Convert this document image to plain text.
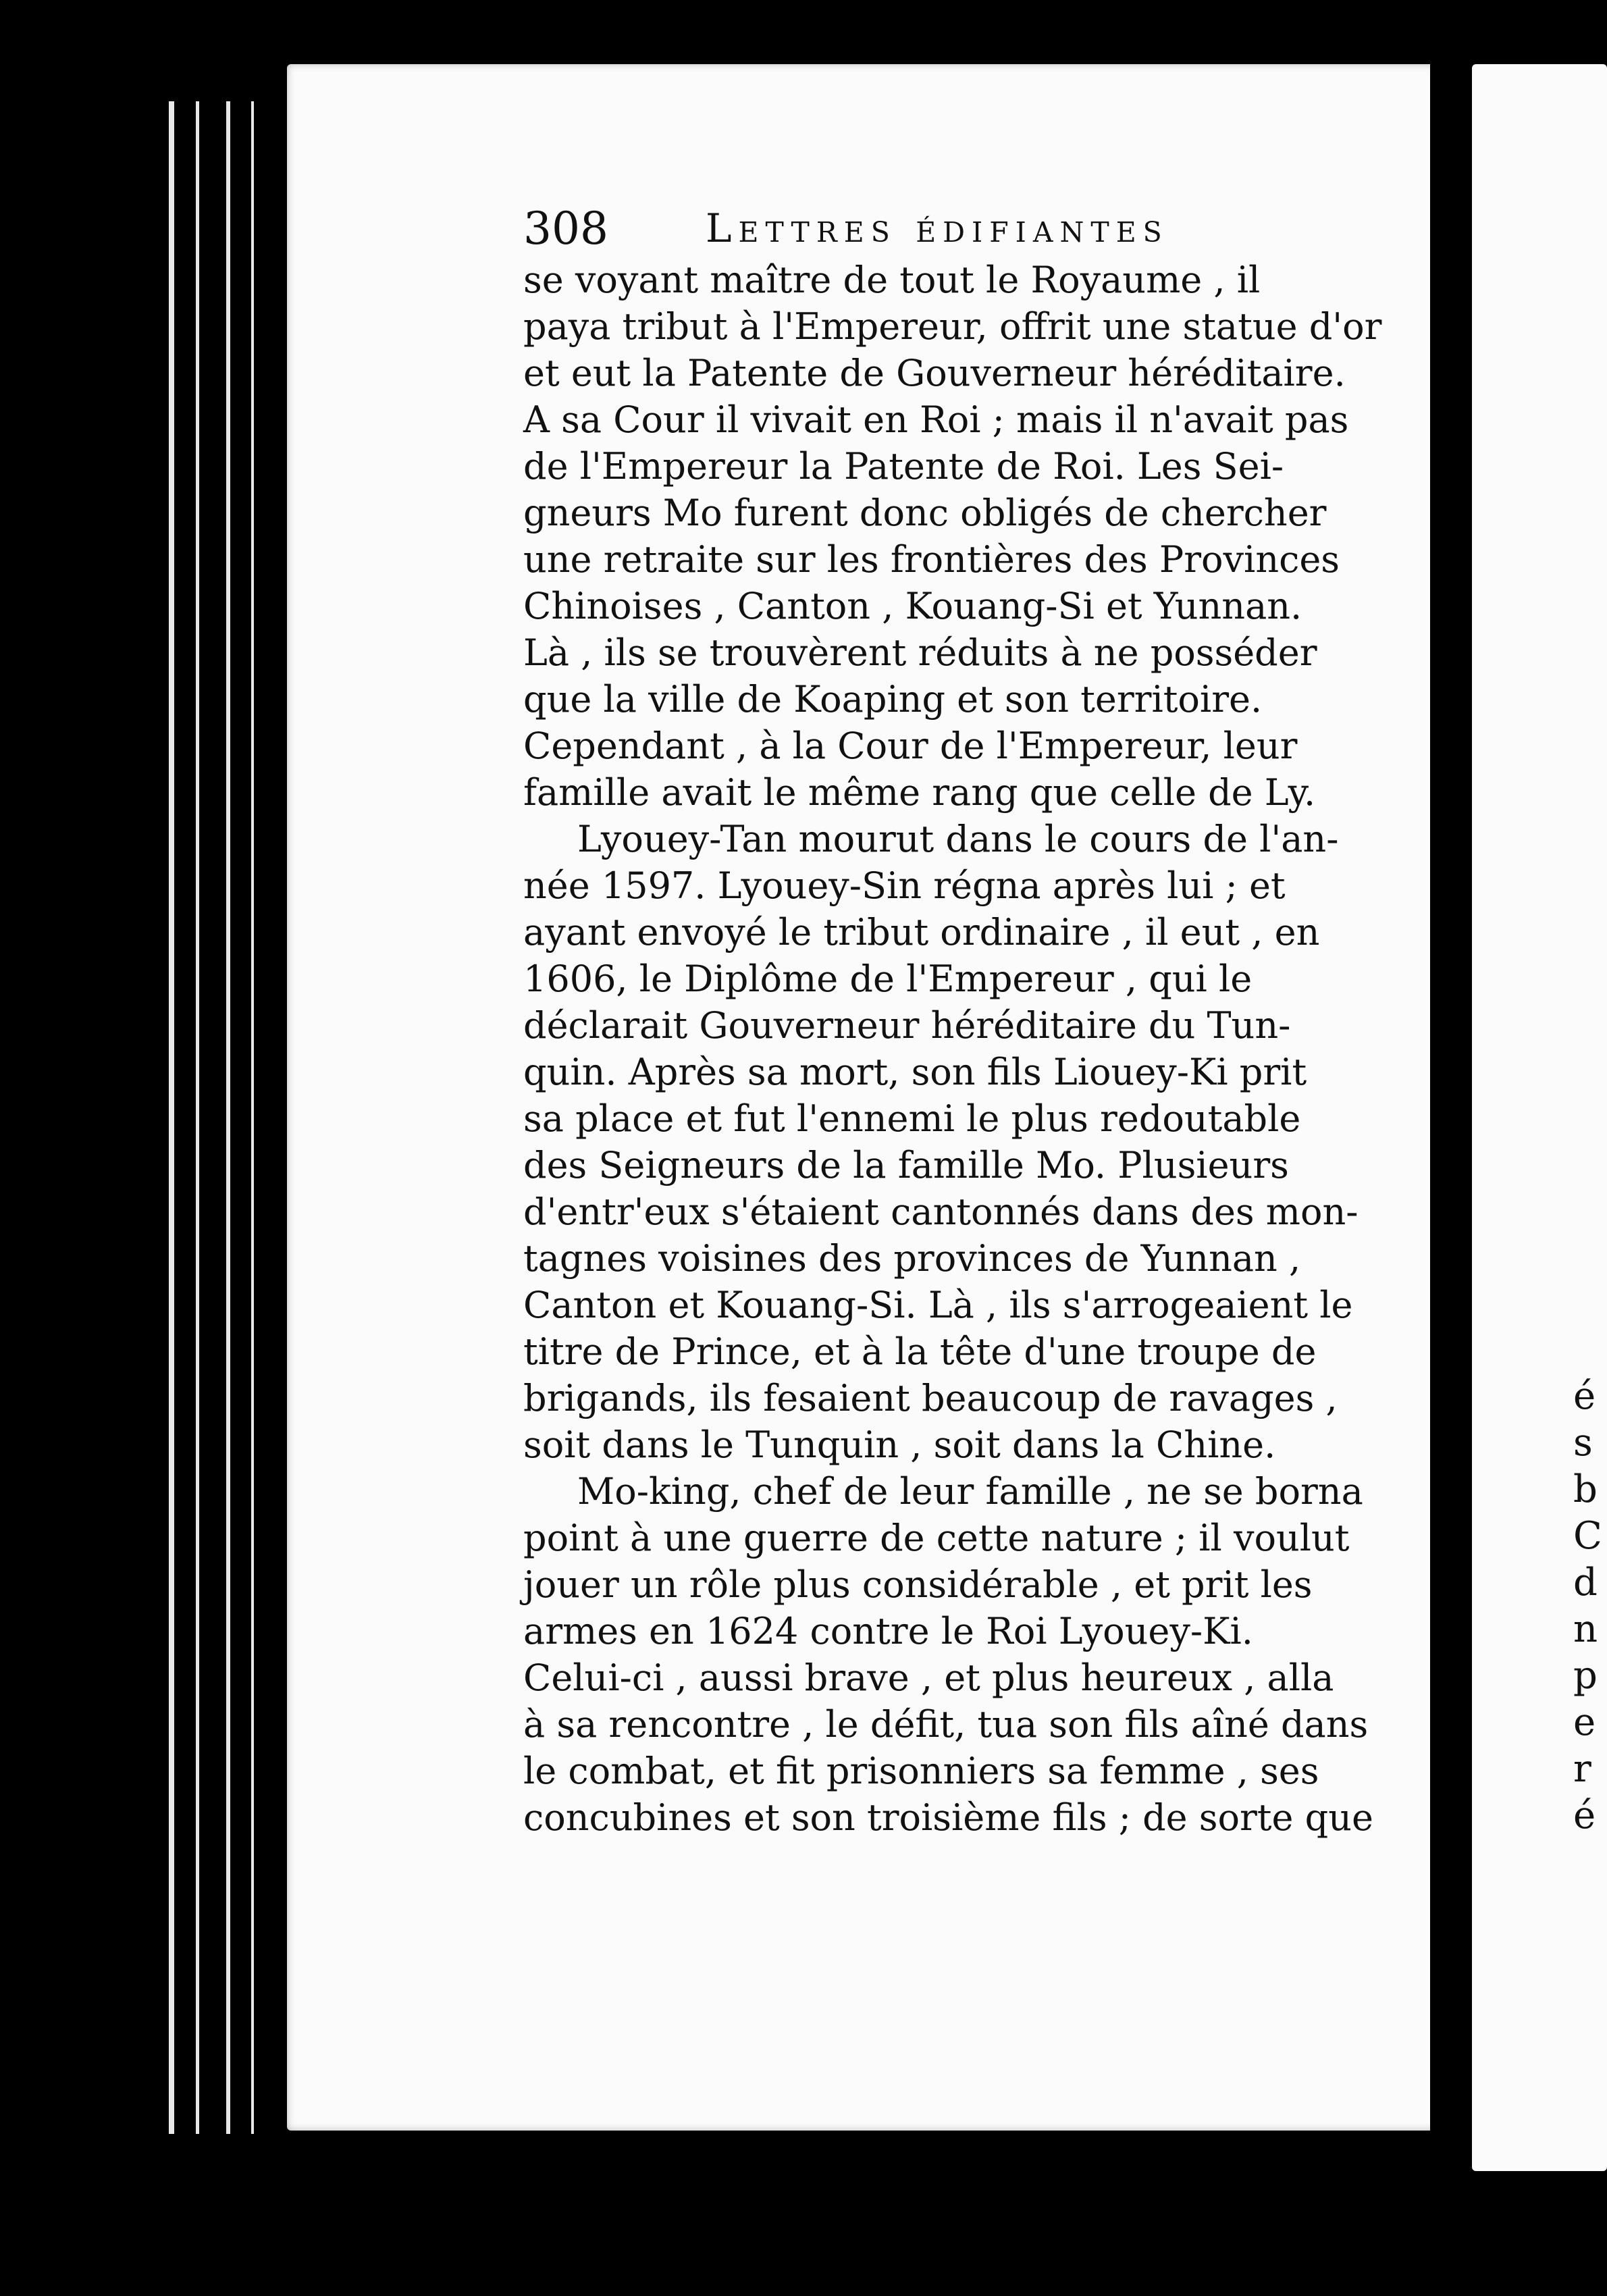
308 Lettres édifiantes
se voyant maître de tout le Royaume , il
paya tribut à l'Empereur, offrit une statue d'or
et eut la Patente de Gouverneur héréditaire.
A sa Cour il vivait en Roi ; mais il n'avait pas
de l'Empereur la Patente de Roi. Les Sei-
gneurs Mo furent donc obligés de chercher
une retraite sur les frontières des Provinces
Chinoises , Canton , Kouang-Si et Yunnan.
Là , ils se trouvèrent réduits à ne posséder
que la ville de Koaping et son territoire.
Cependant , à la Cour de l'Empereur, leur
famille avait le même rang que celle de Ly.
Lyouey-Tan mourut dans le cours de l'an-
née 1597. Lyouey-Sin régna après lui ; et
ayant envoyé le tribut ordinaire , il eut , en
1606, le Diplôme de l'Empereur , qui le
déclarait Gouverneur héréditaire du Tun-
quin. Après sa mort, son fils Liouey-Ki prit
sa place et fut l'ennemi le plus redoutable
des Seigneurs de la famille Mo. Plusieurs
d'entr'eux s'étaient cantonnés dans des mon-
tagnes voisines des provinces de Yunnan ,
Canton et Kouang-Si. Là , ils s'arrogeaient le
titre de Prince, et à la tête d'une troupe de
brigands, ils fesaient beaucoup de ravages ,
soit dans le Tunquin , soit dans la Chine.
Mo-king, chef de leur famille , ne se borna
point à une guerre de cette nature ; il voulut
jouer un rôle plus considérable , et prit les
armes en 1624 contre le Roi Lyouey-Ki.
Celui-ci , aussi brave , et plus heureux , alla
à sa rencontre , le défit, tua son fils aîné dans
le combat, et fit prisonniers sa femme , ses
concubines et son troisième fils ; de sorte que
é
s
b
C
d
n
p
e
r
é
